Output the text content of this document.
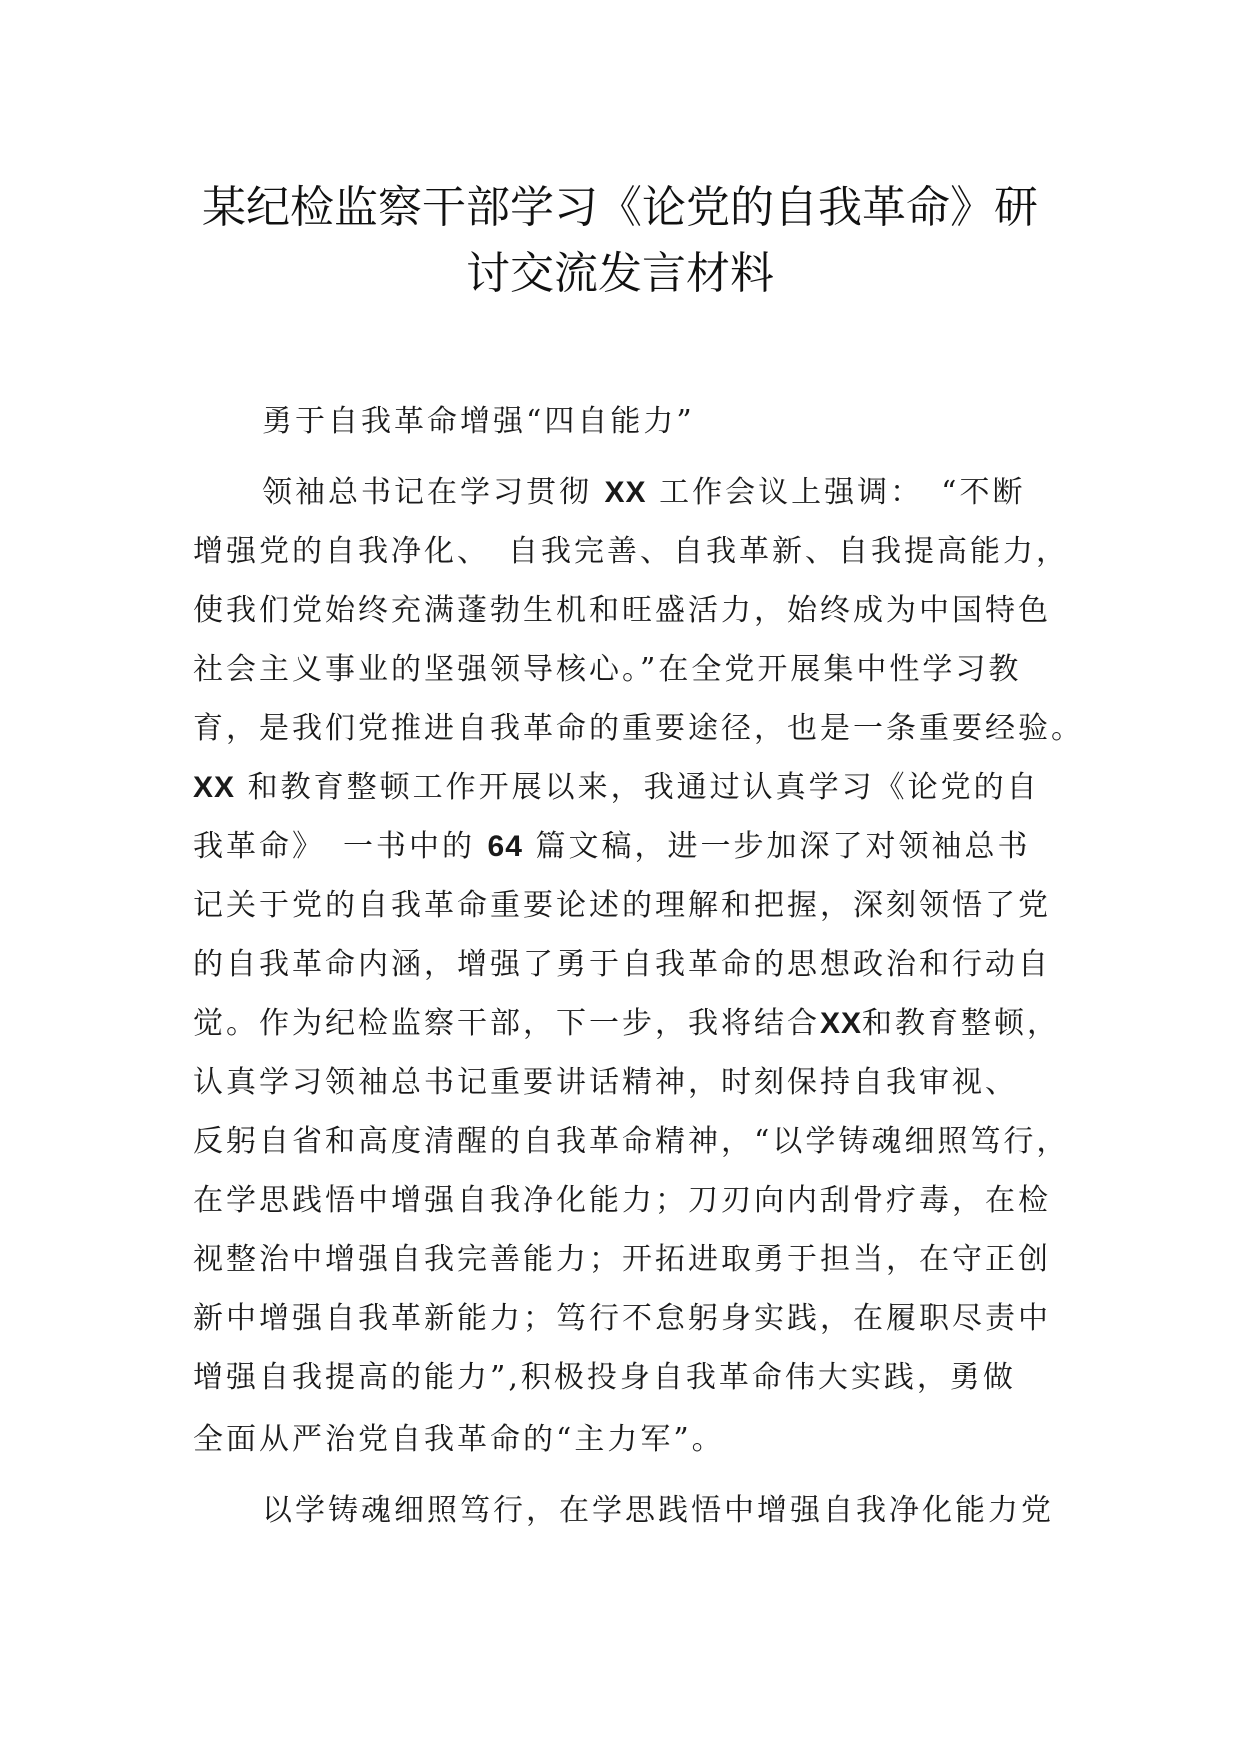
某纪检监察干部学习《论党的自我革命》研
讨交流发言材料
勇于自我革命增强“四自能力”
领袖总书记在学习贯彻 XX 工作会议上强调：　“不断
增强党的自我净化、　自我完善、自我革新、自我提高能力，
使我们党始终充满蓬勃生机和旺盛活力，始终成为中国特色
社会主义事业的坚强领导核心。”在全党开展集中性学习教
育，是我们党推进自我革命的重要途径，也是一条重要经验。
XX 和教育整顿工作开展以来，我通过认真学习《论党的自
我革命》　一书中的 64 篇文稿，进一步加深了对领袖总书
记关于党的自我革命重要论述的理解和把握，深刻领悟了党
的自我革命内涵，增强了勇于自我革命的思想政治和行动自
觉。作为纪检监察干部，下一步，我将结合XX和教育整顿，
认真学习领袖总书记重要讲话精神，时刻保持自我审视、
反躬自省和高度清醒的自我革命精神，“以学铸魂细照笃行，
在学思践悟中增强自我净化能力；刀刃向内刮骨疗毒，在检
视整治中增强自我完善能力；开拓进取勇于担当，在守正创
新中增强自我革新能力；笃行不怠躬身实践，在履职尽责中
增强自我提高的能力”,积极投身自我革命伟大实践，勇做
全面从严治党自我革命的“主力军”。
以学铸魂细照笃行，在学思践悟中增强自我净化能力党
